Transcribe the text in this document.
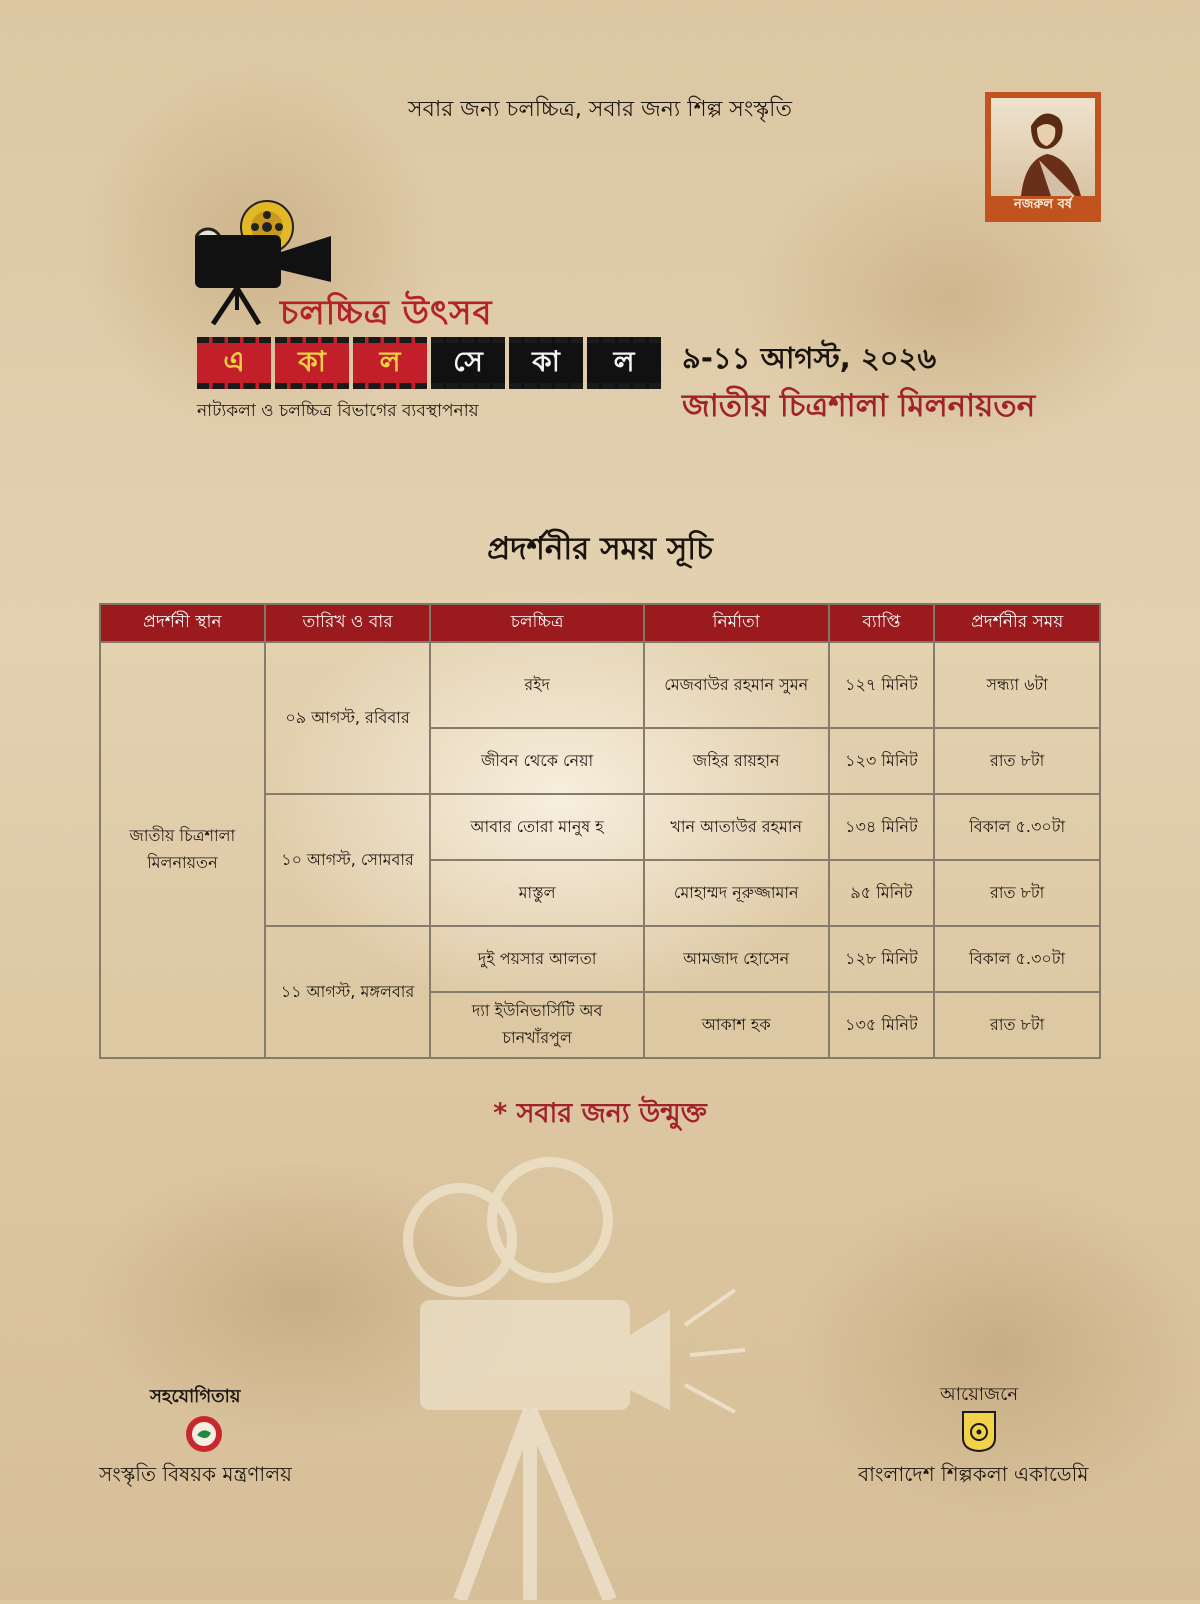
সবার জন্য চলচ্চিত্র, সবার জন্য শিল্প সংস্কৃতি
নজরুল বর্ষ
চলচ্চিত্র উৎসব
এ	কা	ল	সে	কা	ল
নাট্যকলা ও চলচ্চিত্র বিভাগের ব্যবস্থাপনায়
৯-১১ আগস্ট, ২০২৬
জাতীয় চিত্রশালা মিলনায়তন
প্রদর্শনীর সময় সূচি
প্রদর্শনী স্থান	তারিখ ও বার	চলচ্চিত্র	নির্মাতা	ব্যাপ্তি	প্রদর্শনীর সময়

জাতীয় চিত্রশালা
মিলনায়তন	০৯ আগস্ট, রবিবার	রইদ	মেজবাউর রহমান সুমন	১২৭ মিনিট	সন্ধ্যা ৬টা
		জীবন থেকে নেয়া	জহির রায়হান	১২৩ মিনিট	রাত ৮টা
	১০ আগস্ট, সোমবার	আবার তোরা মানুষ হ	খান আতাউর রহমান	১৩৪ মিনিট	বিকাল ৫.৩০টা
		মাস্তুল	মোহাম্মদ নূরুজ্জামান	৯৫ মিনিট	রাত ৮টা
	১১ আগস্ট, মঙ্গলবার	দুই পয়সার আলতা	আমজাদ হোসেন	১২৮ মিনিট	বিকাল ৫.৩০টা
		দ্যা ইউনিভার্সিটি অব চানখাঁরপুল	আকাশ হক	১৩৫ মিনিট	রাত ৮টা
* সবার জন্য উন্মুক্ত
সহযোগিতায়
সংস্কৃতি বিষয়ক মন্ত্রণালয়
আয়োজনে
বাংলাদেশ শিল্পকলা একাডেমি
